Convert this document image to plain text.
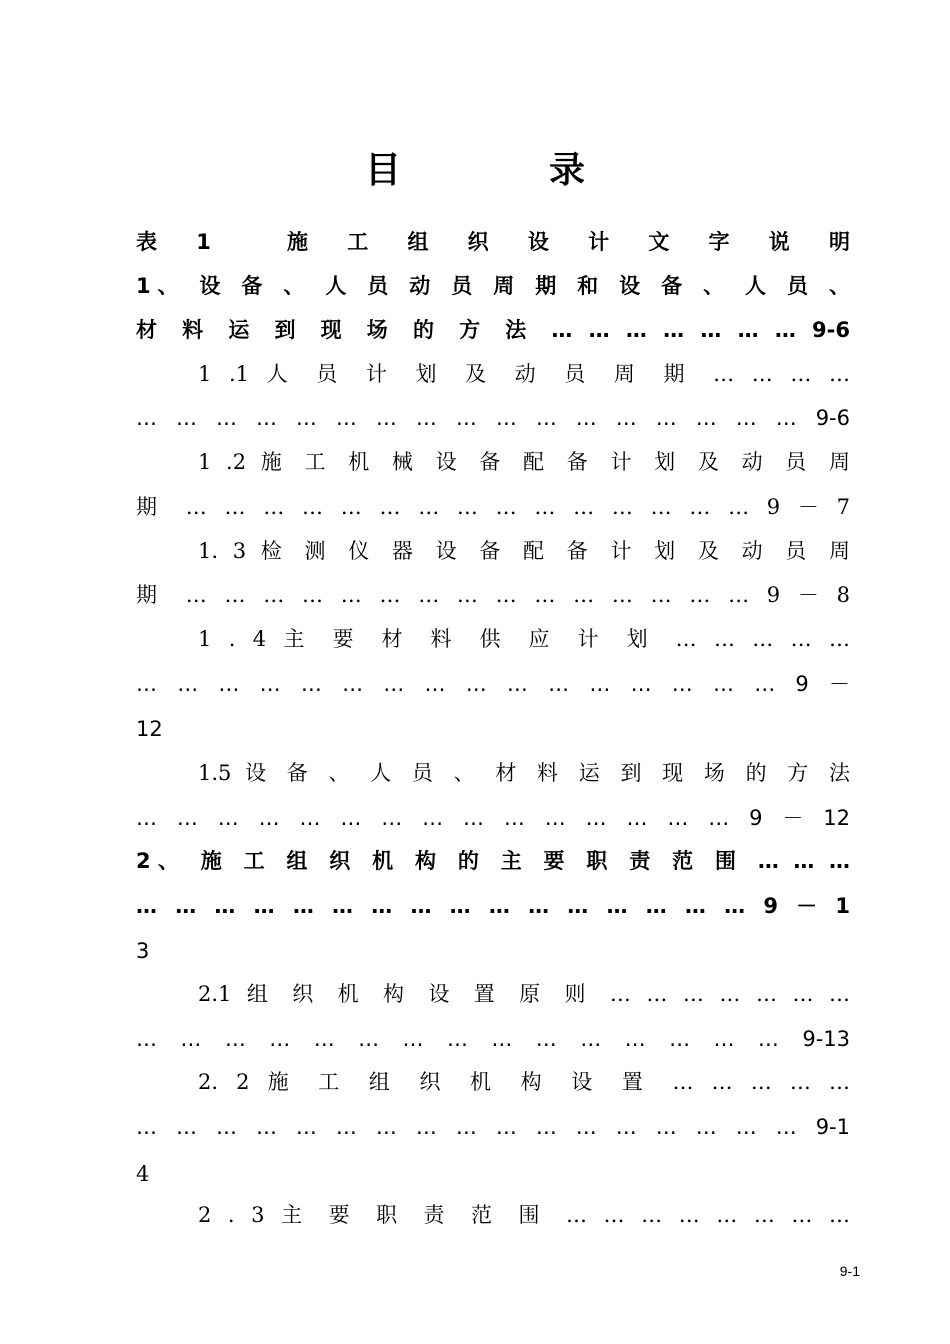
目　录
表 1　 施 工 组 织 设 计 文 字 说 明
1、 设 备 、 人 员 动 员 周 期 和 设 备 、 人 员 、
材 料 运 到 现 场 的 方 法 … … … … … … … 9-6
1 .1 人 员 计 划 及 动 员 周 期 … … … …
… … … … … … … … … … … … … … … … … 9-6
1 .2 施 工 机 械 设 备 配 备 计 划 及 动 员 周
期 … … … … … … … … … … … … … … … 9 － 7
1. 3 检 测 仪 器 设 备 配 备 计 划 及 动 员 周
期 … … … … … … … … … … … … … … … 9 － 8
1 . 4 主 要 材 料 供 应 计 划 … … … … …
… … … … … … … … … … … … … … … … 9 －
12
1.5 设 备 、 人 员 、 材 料 运 到 现 场 的 方 法
… … … … … … … … … … … … … … … 9 － 12
2、 施 工 组 织 机 构 的 主 要 职 责 范 围 … … …
… … … … … … … … … … … … … … … … 9 － 1
3
2.1 组 织 机 构 设 置 原 则 … … … … … … …
… … … … … … … … … … … … … … … 9-13
2. 2 施 工 组 织 机 构 设 置 … … … … …
… … … … … … … … … … … … … … … … … 9-1
4
2 . 3 主 要 职 责 范 围 … … … … … … … …
9-1
